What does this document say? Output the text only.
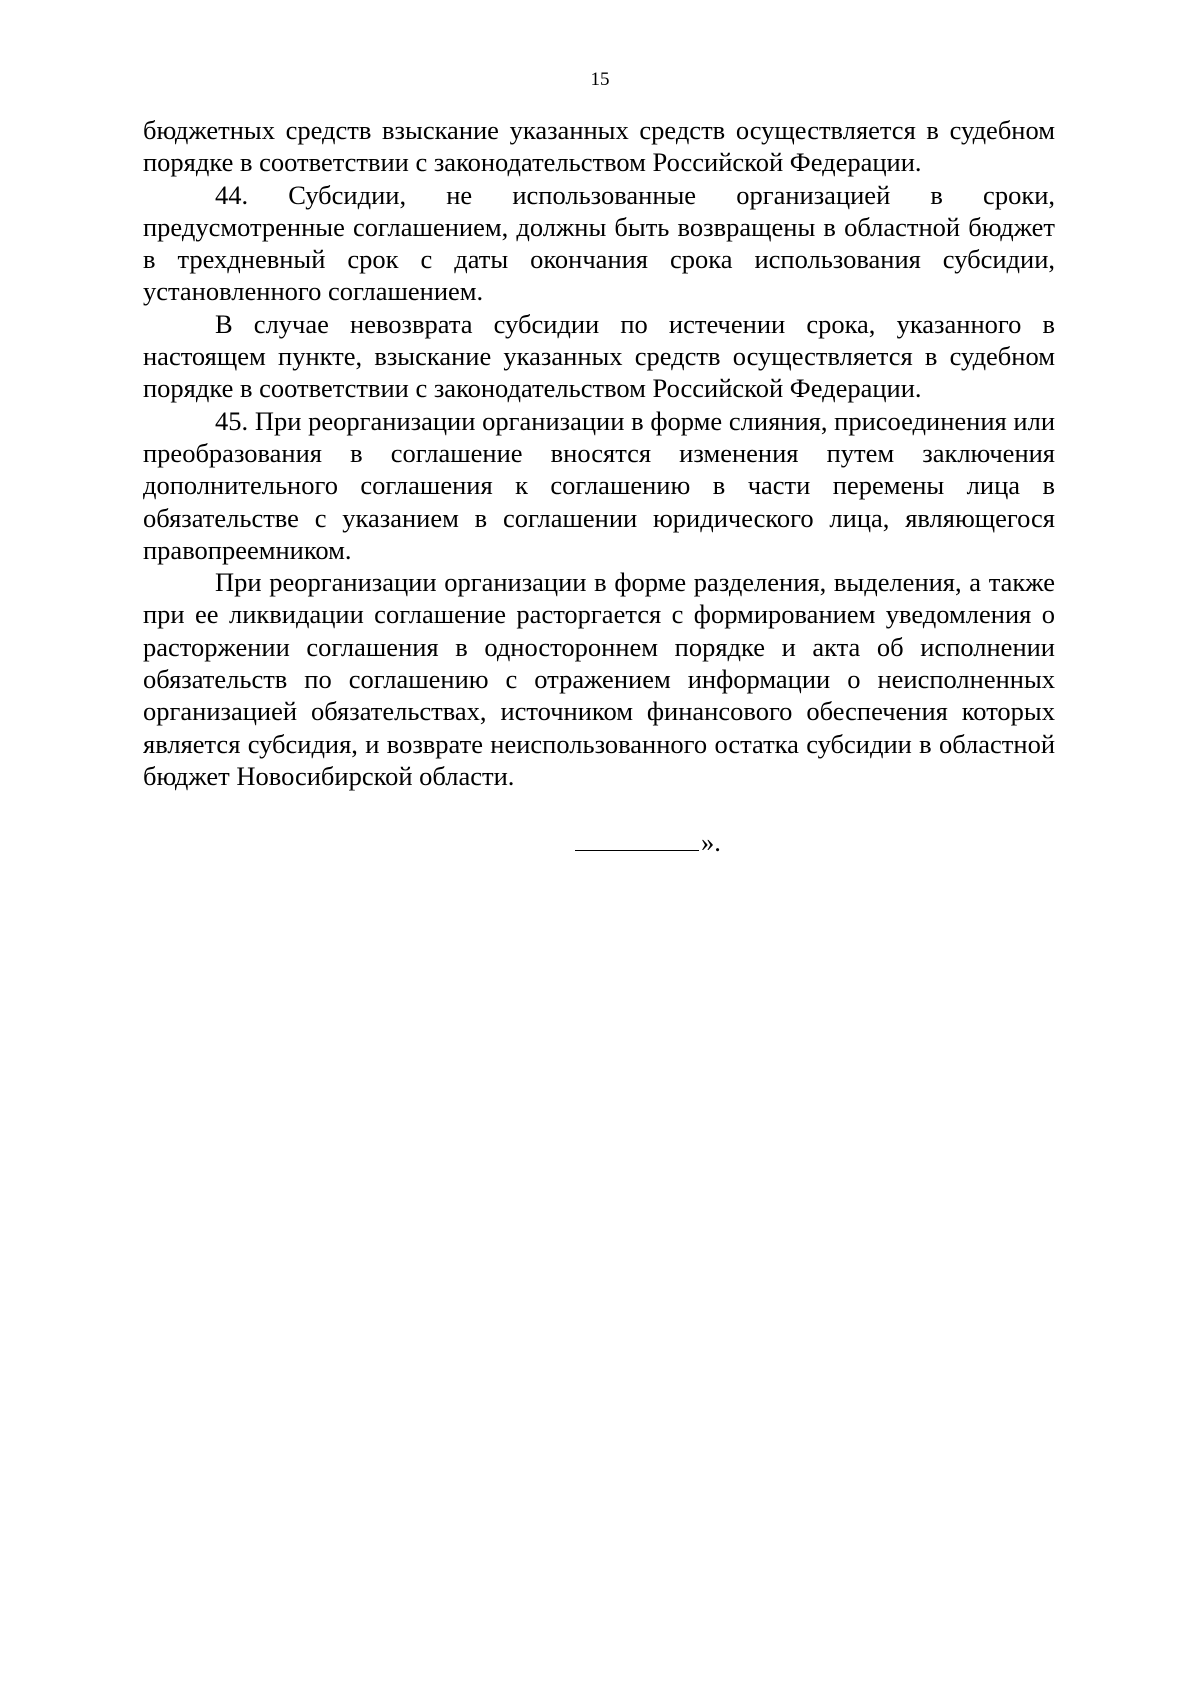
15

бюджетных средств взыскание указанных средств осуществляется в судебном порядке в соответствии с законодательством Российской Федерации.

44. Субсидии, не использованные организацией в сроки, предусмотренные соглашением, должны быть возвращены в областной бюджет в трехдневный срок с даты окончания срока использования субсидии, установленного соглашением.

В случае невозврата субсидии по истечении срока, указанного в настоящем пункте, взыскание указанных средств осуществляется в судебном порядке в соответствии с законодательством Российской Федерации.

45. При реорганизации организации в форме слияния, присоединения или преобразования в соглашение вносятся изменения путем заключения дополнительного соглашения к соглашению в части перемены лица в обязательстве с указанием в соглашении юридического лица, являющегося правопреемником.

При реорганизации организации в форме разделения, выделения, а также при ее ликвидации соглашение расторгается с формированием уведомления о расторжении соглашения в одностороннем порядке и акта об исполнении обязательств по соглашению с отражением информации о неисполненных организацией обязательствах, источником финансового обеспечения которых является субсидия, и возврате неиспользованного остатка субсидии в областной бюджет Новосибирской области.

».
